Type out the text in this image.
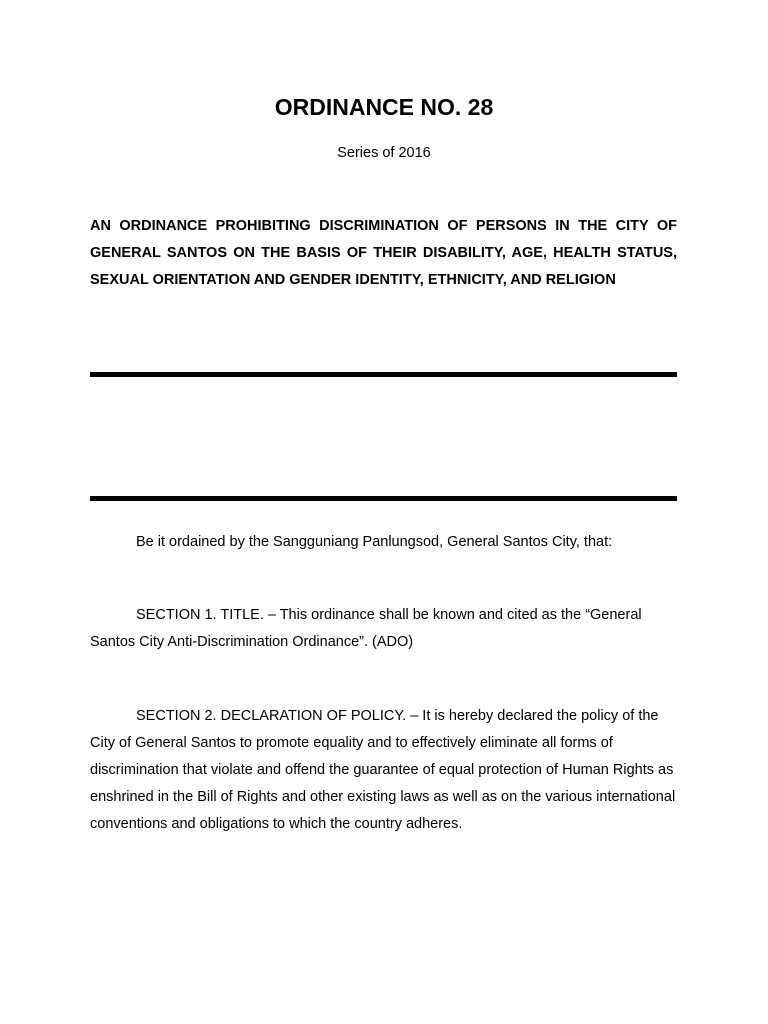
ORDINANCE NO. 28

Series of 2016

AN ORDINANCE PROHIBITING DISCRIMINATION OF PERSONS IN THE CITY OF GENERAL SANTOS ON THE BASIS OF THEIR DISABILITY, AGE, HEALTH STATUS, SEXUAL ORIENTATION AND GENDER IDENTITY, ETHNICITY, AND RELIGION

Be it ordained by the Sangguniang Panlungsod, General Santos City, that:

SECTION 1. TITLE. – This ordinance shall be known and cited as the “General Santos City Anti-Discrimination Ordinance”. (ADO)

SECTION 2. DECLARATION OF POLICY. – It is hereby declared the policy of the City of General Santos to promote equality and to effectively eliminate all forms of discrimination that violate and offend the guarantee of equal protection of Human Rights as enshrined in the Bill of Rights and other existing laws as well as on the various international conventions and obligations to which the country adheres.
